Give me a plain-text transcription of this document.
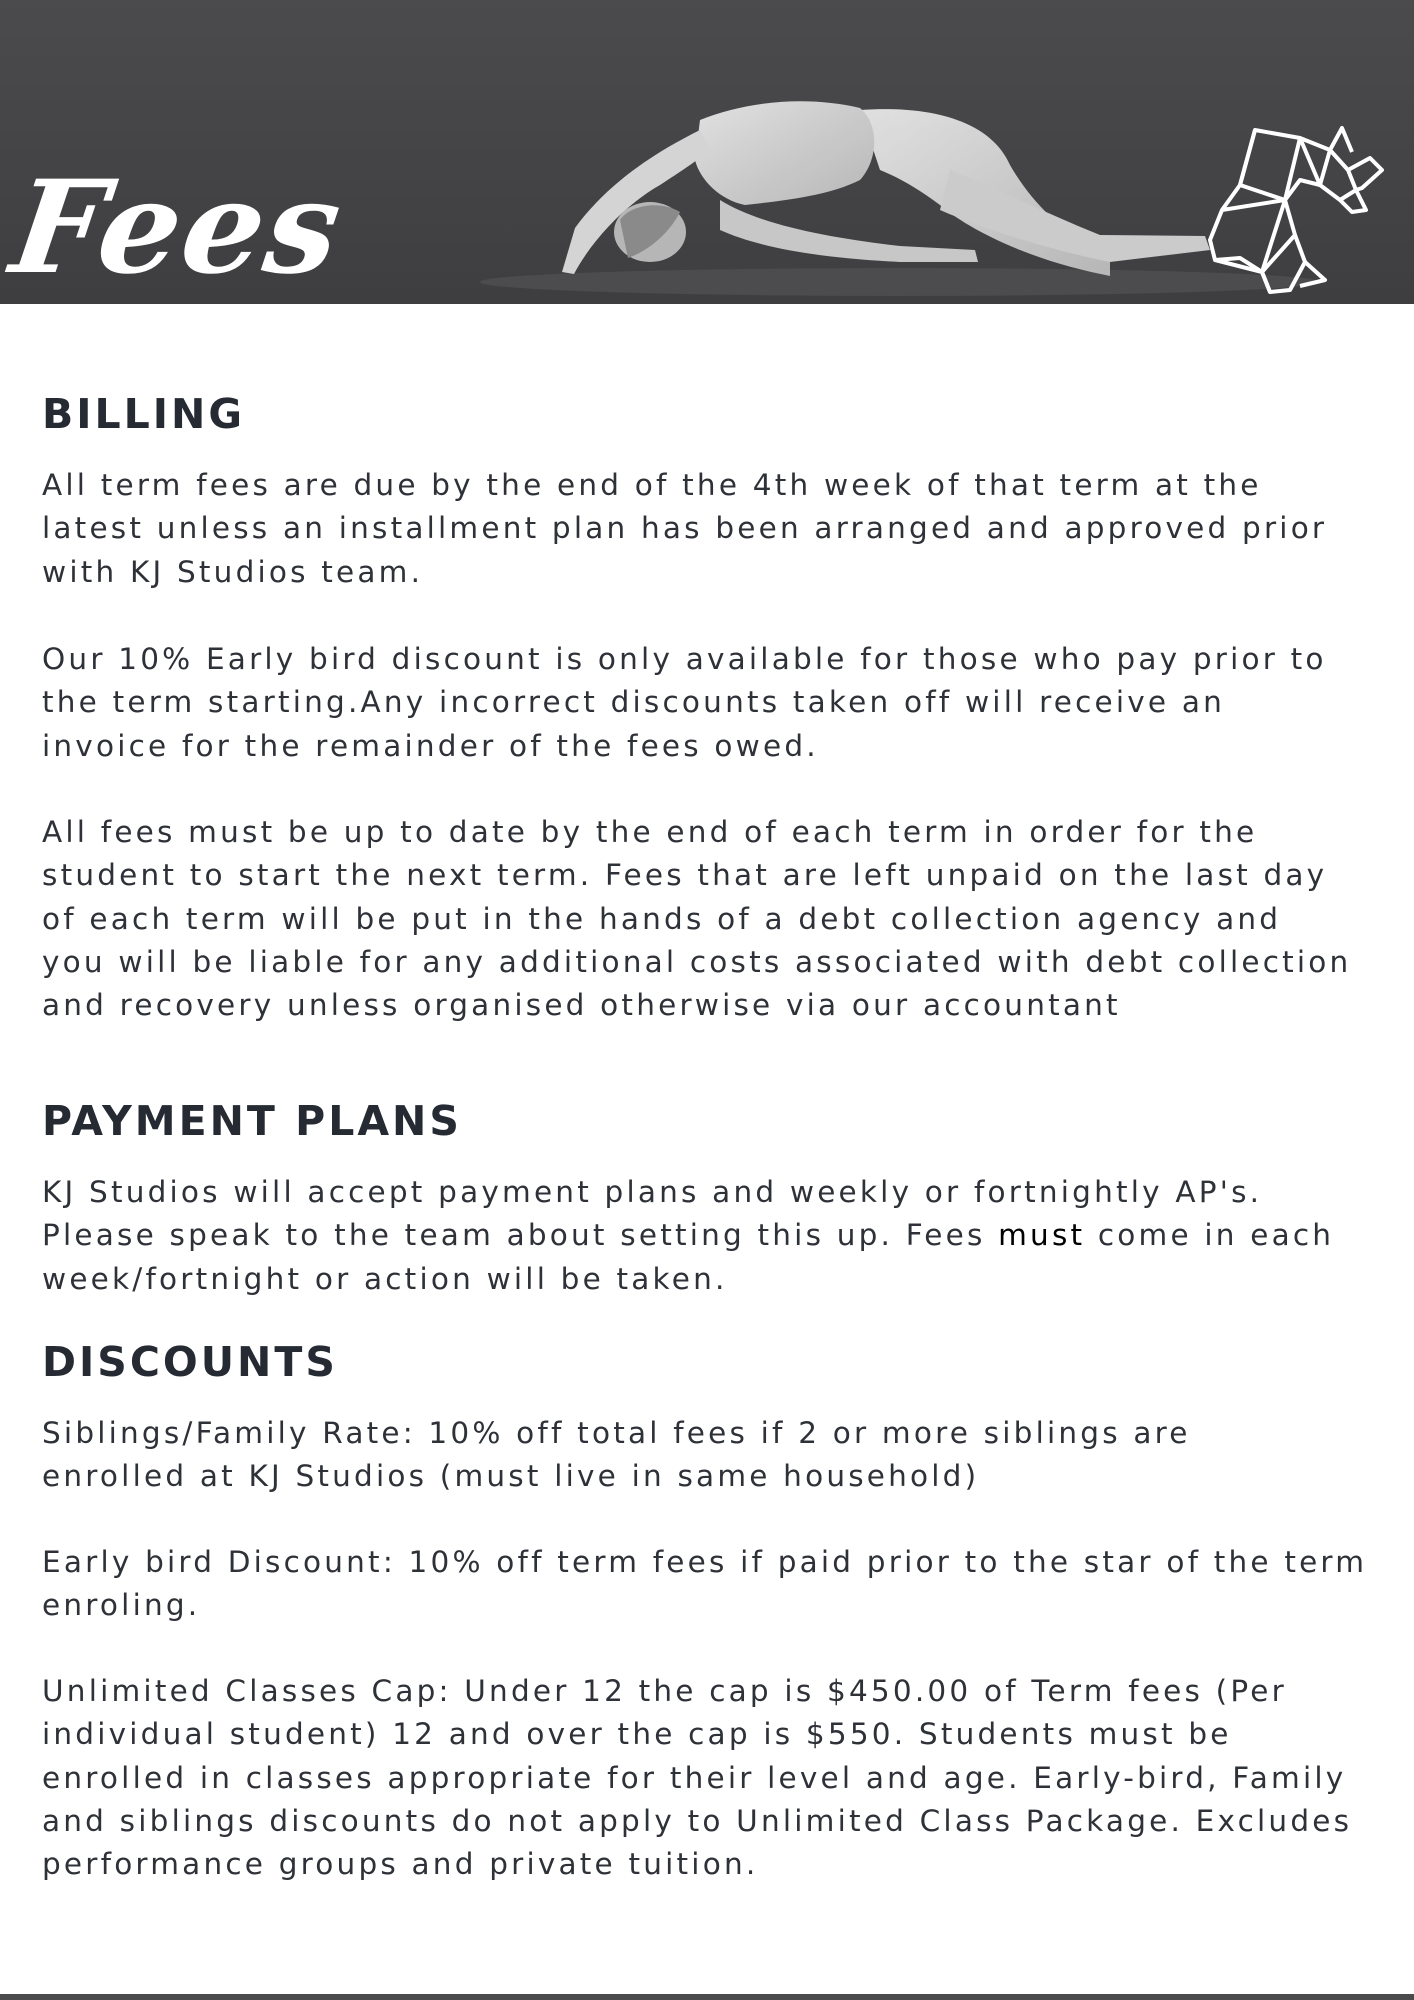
Fees
BILLING

All term fees are due by the end of the 4th week of that term at the
latest unless an installment plan has been arranged and approved prior
with KJ Studios team.

Our 10% Early bird discount is only available for those who pay prior to
the term starting.Any incorrect discounts taken off will receive an
invoice for the remainder of the fees owed.

All fees must be up to date by the end of each term in order for the
student to start the next term. Fees that are left unpaid on the last day
of each term will be put in the hands of a debt collection agency and
you will be liable for any additional costs associated with debt collection
and recovery unless organised otherwise via our accountant

PAYMENT PLANS

KJ Studios will accept payment plans and weekly or fortnightly AP's.
Please speak to the team about setting this up. Fees must come in each
week/fortnight or action will be taken.

DISCOUNTS

Siblings/Family Rate: 10% off total fees if 2 or more siblings are
enrolled at KJ Studios (must live in same household)

Early bird Discount: 10% off term fees if paid prior to the star of the term
enroling.

Unlimited Classes Cap: Under 12 the cap is $450.00 of Term fees (Per
individual student) 12 and over the cap is $550. Students must be
enrolled in classes appropriate for their level and age. Early-bird, Family
and siblings discounts do not apply to Unlimited Class Package. Excludes
performance groups and private tuition.
